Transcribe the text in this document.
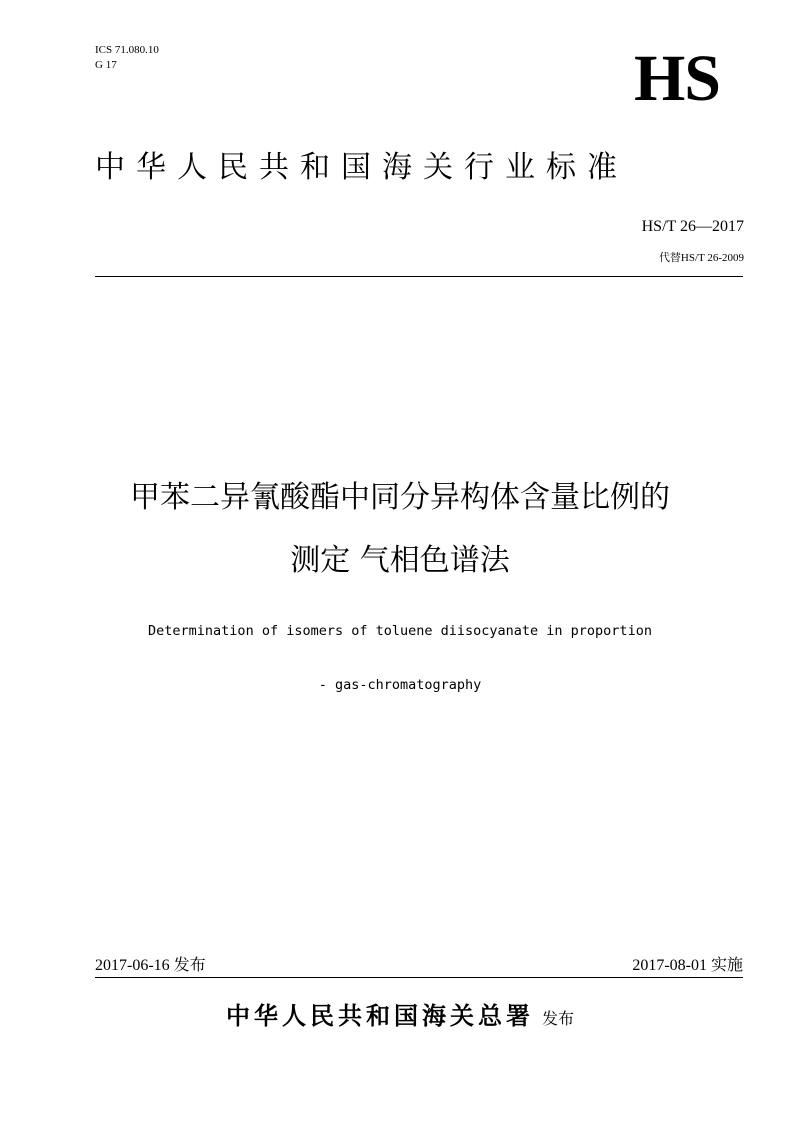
ICS 71.080.10
G 17	HS
中华人民共和国海关行业标准
HS/T 26—2017
代替HS/T 26-2009
甲苯二异氰酸酯中同分异构体含量比例的
测定 气相色谱法
Determination of isomers of toluene diisocyanate in proportion
- gas-chromatography
2017-06-16 发布	2017-08-01 实施
中华人民共和国海关总署 发布
